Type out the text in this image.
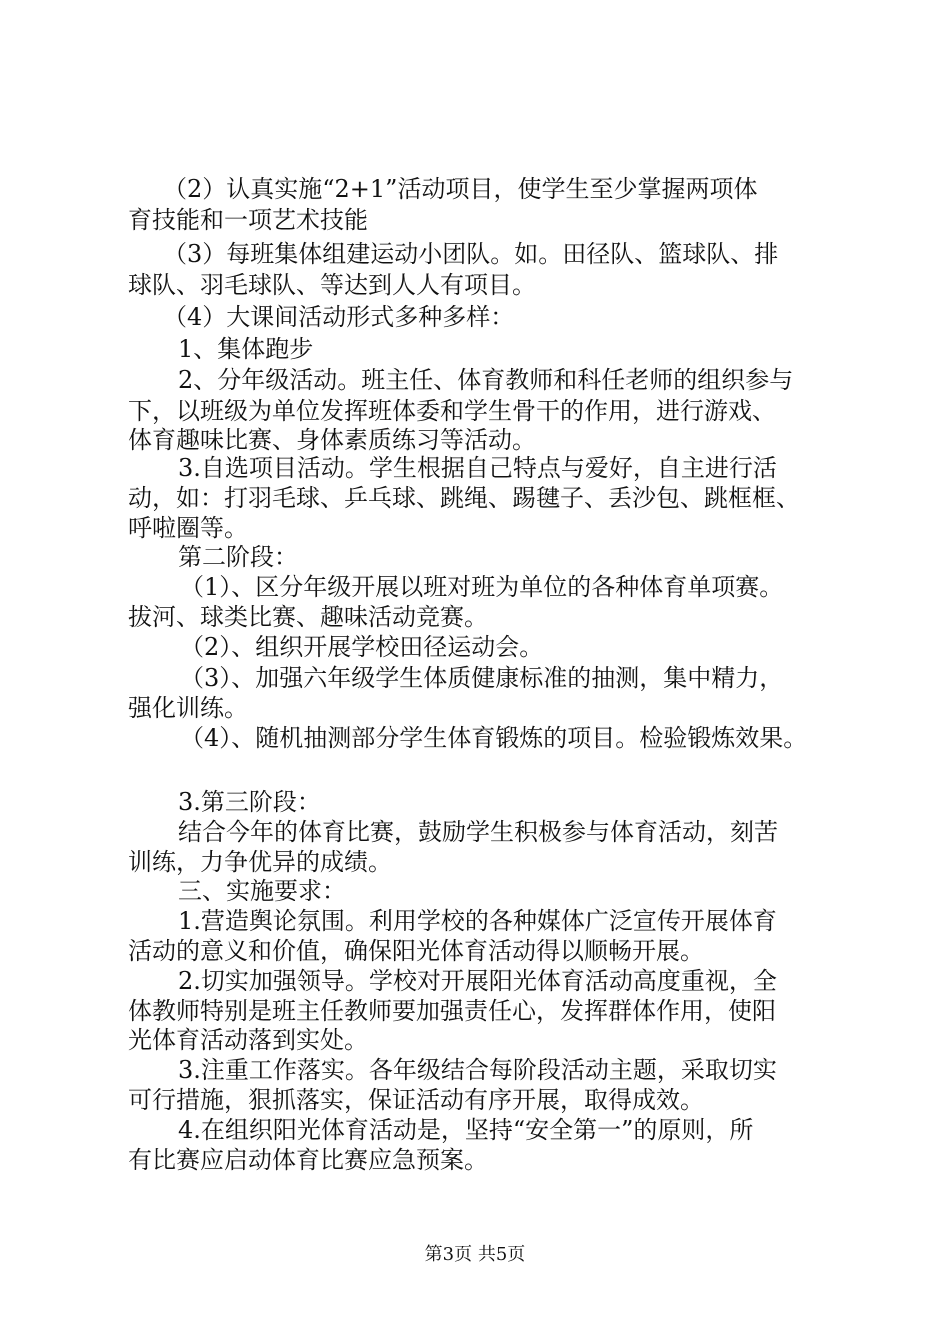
（2）认真实施“2+1”活动项目，使学生至少掌握两项体
育技能和一项艺术技能
（3）每班集体组建运动小团队。如。田径队、篮球队、排
球队、羽毛球队、等达到人人有项目。
（4）大课间活动形式多种多样：
1、集体跑步
2、分年级活动。班主任、体育教师和科任老师的组织参与
下，以班级为单位发挥班体委和学生骨干的作用，进行游戏、
体育趣味比赛、身体素质练习等活动。
3.自选项目活动。学生根据自己特点与爱好，自主进行活
动，如：打羽毛球、乒乓球、跳绳、踢毽子、丢沙包、跳框框、
呼啦圈等。
第二阶段：
（1）、区分年级开展以班对班为单位的各种体育单项赛。
拔河、球类比赛、趣味活动竞赛。
（2）、组织开展学校田径运动会。
（3）、加强六年级学生体质健康标准的抽测，集中精力，
强化训练。
（4）、随机抽测部分学生体育锻炼的项目。检验锻炼效果。
3.第三阶段：
结合今年的体育比赛，鼓励学生积极参与体育活动，刻苦
训练，力争优异的成绩。
三、实施要求：
1.营造舆论氛围。利用学校的各种媒体广泛宣传开展体育
活动的意义和价值，确保阳光体育活动得以顺畅开展。
2.切实加强领导。学校对开展阳光体育活动高度重视，全
体教师特别是班主任教师要加强责任心，发挥群体作用，使阳
光体育活动落到实处。
3.注重工作落实。各年级结合每阶段活动主题，采取切实
可行措施，狠抓落实，保证活动有序开展，取得成效。
4.在组织阳光体育活动是，坚持“安全第一”的原则，所
有比赛应启动体育比赛应急预案。
第3页 共5页
